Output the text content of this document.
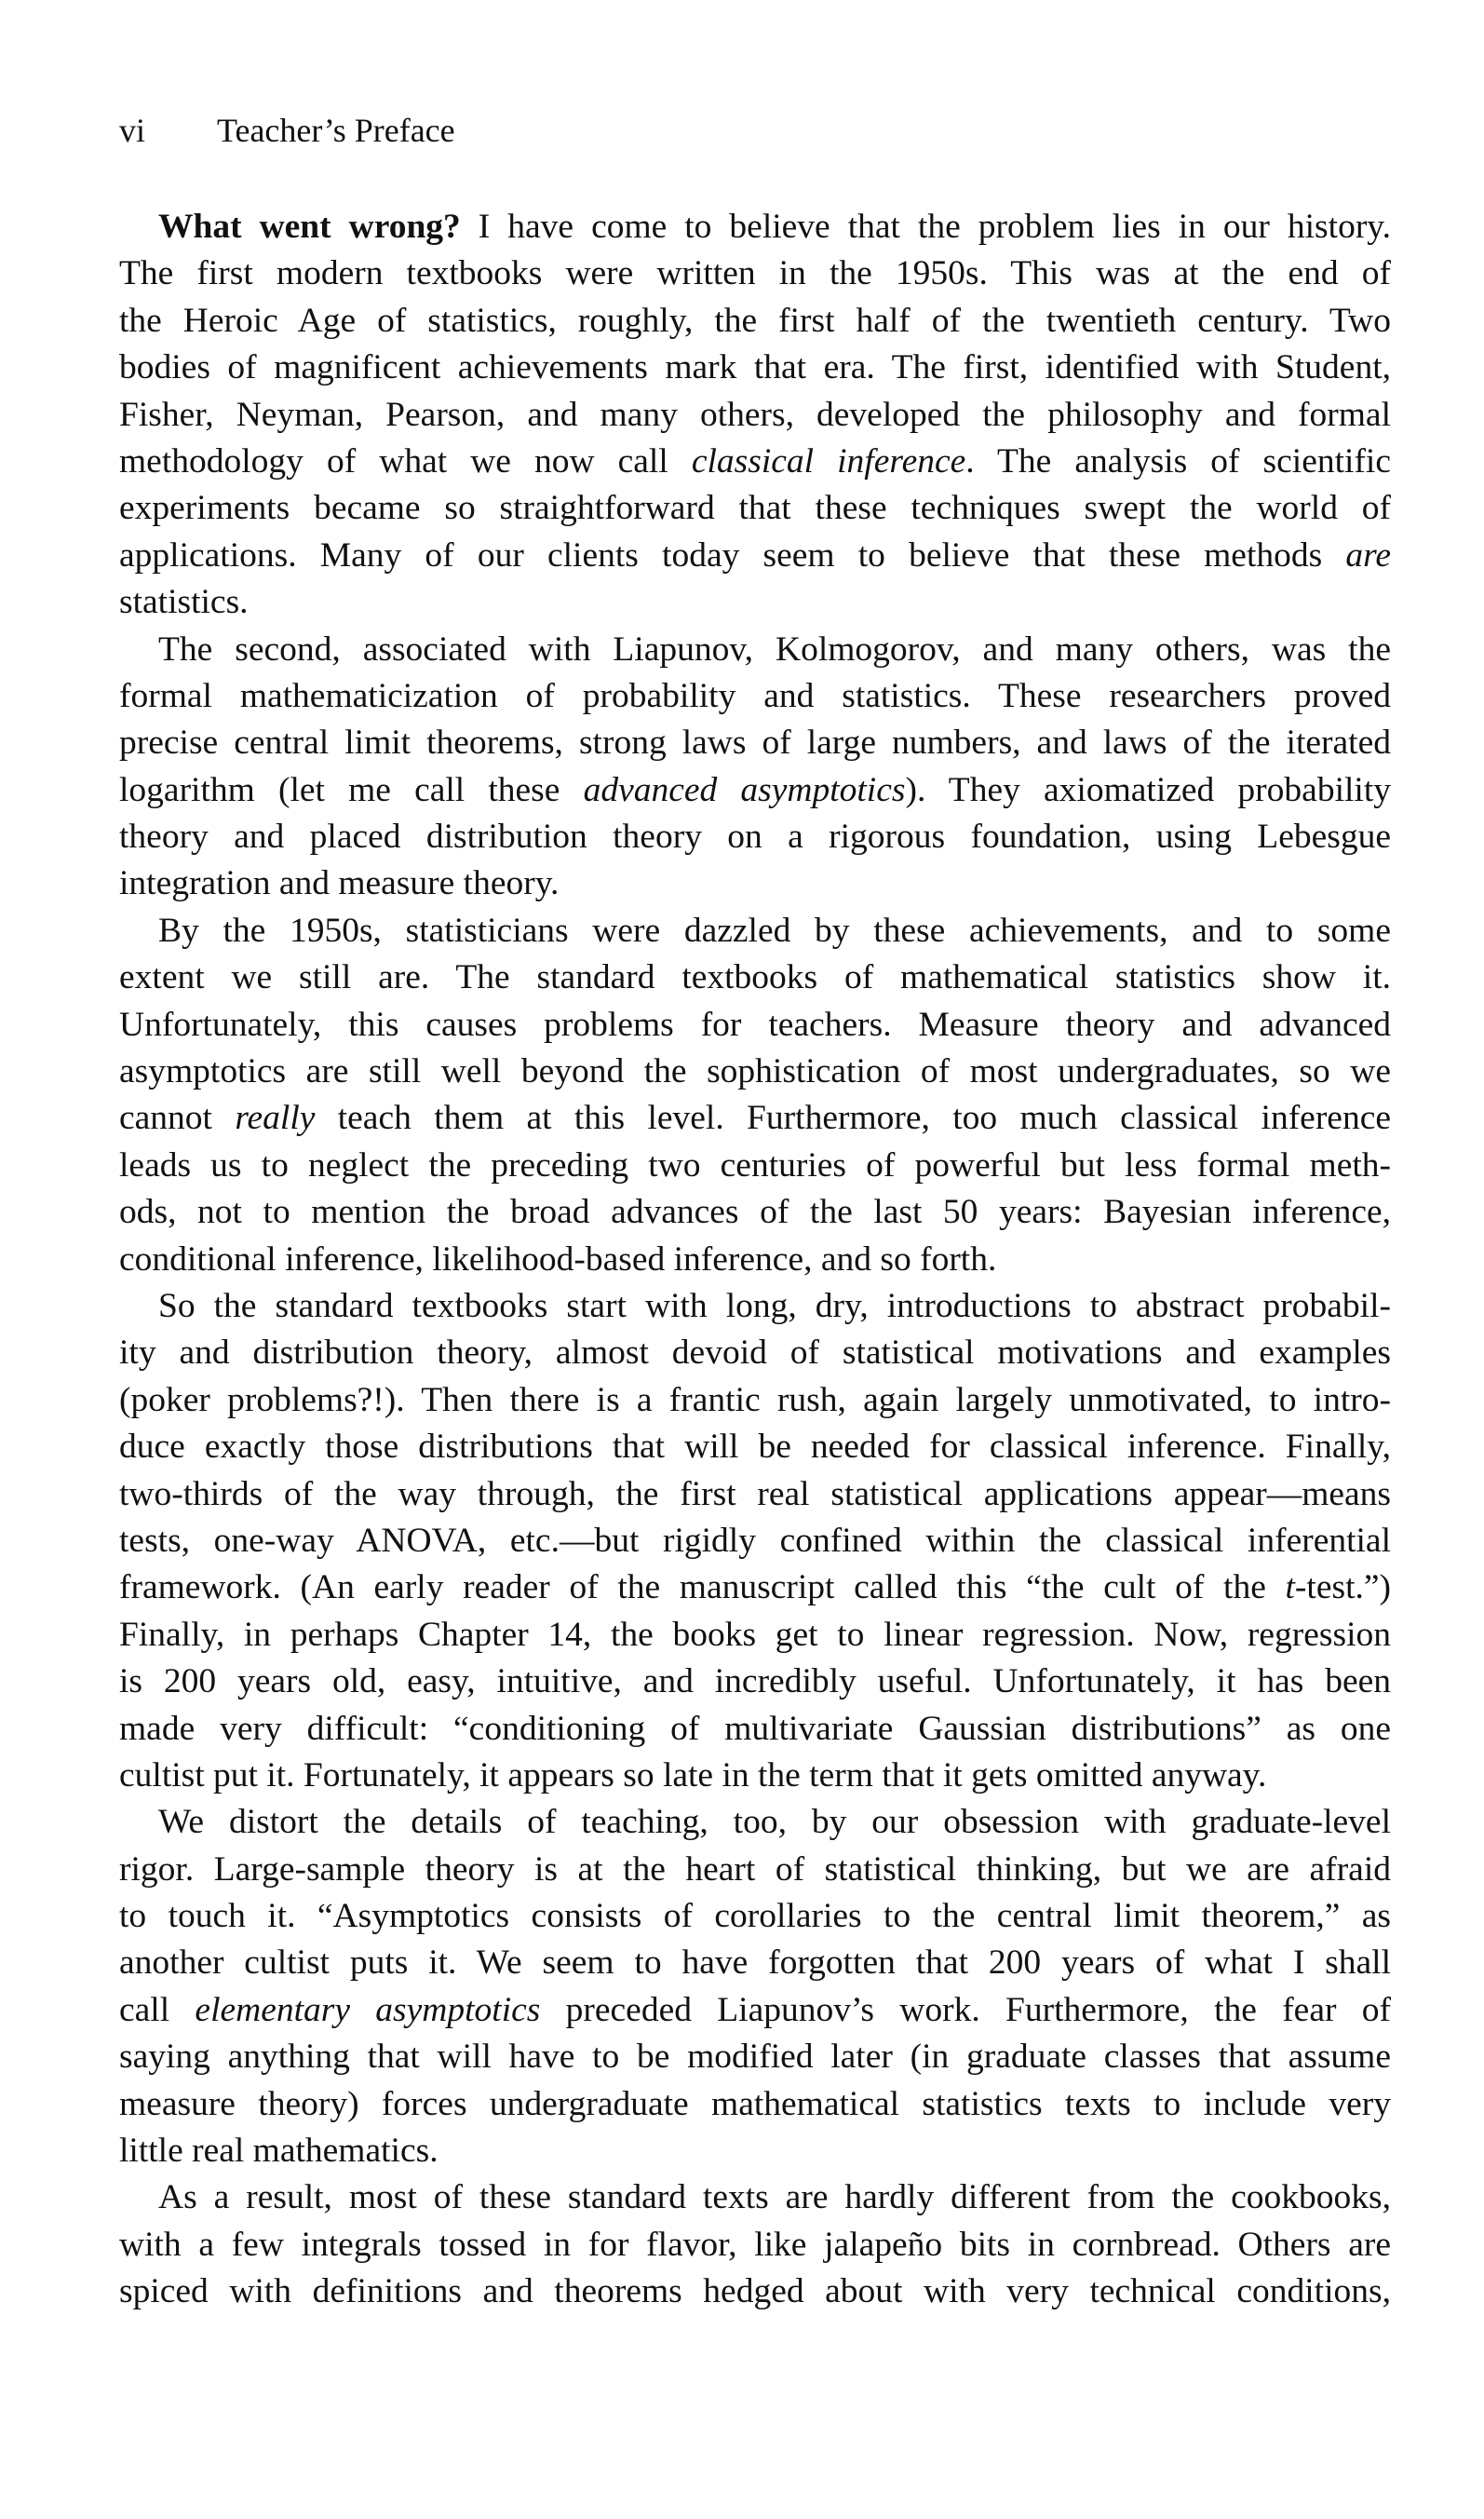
vi Teacher’s Preface
What went wrong? I have come to believe that the problem lies in our history.
The first modern textbooks were written in the 1950s. This was at the end of
the Heroic Age of statistics, roughly, the first half of the twentieth century. Two
bodies of magnificent achievements mark that era. The first, identified with Student,
Fisher, Neyman, Pearson, and many others, developed the philosophy and formal
methodology of what we now call classical inference. The analysis of scientific
experiments became so straightforward that these techniques swept the world of
applications. Many of our clients today seem to believe that these methods are
statistics.
The second, associated with Liapunov, Kolmogorov, and many others, was the
formal mathematicization of probability and statistics. These researchers proved
precise central limit theorems, strong laws of large numbers, and laws of the iterated
logarithm (let me call these advanced asymptotics). They axiomatized probability
theory and placed distribution theory on a rigorous foundation, using Lebesgue
integration and measure theory.
By the 1950s, statisticians were dazzled by these achievements, and to some
extent we still are. The standard textbooks of mathematical statistics show it.
Unfortunately, this causes problems for teachers. Measure theory and advanced
asymptotics are still well beyond the sophistication of most undergraduates, so we
cannot really teach them at this level. Furthermore, too much classical inference
leads us to neglect the preceding two centuries of powerful but less formal meth-
ods, not to mention the broad advances of the last 50 years: Bayesian inference,
conditional inference, likelihood-based inference, and so forth.
So the standard textbooks start with long, dry, introductions to abstract probabil-
ity and distribution theory, almost devoid of statistical motivations and examples
(poker problems?!). Then there is a frantic rush, again largely unmotivated, to intro-
duce exactly those distributions that will be needed for classical inference. Finally,
two-thirds of the way through, the first real statistical applications appear—means
tests, one-way ANOVA, etc.—but rigidly confined within the classical inferential
framework. (An early reader of the manuscript called this “the cult of the t-test.”)
Finally, in perhaps Chapter 14, the books get to linear regression. Now, regression
is 200 years old, easy, intuitive, and incredibly useful. Unfortunately, it has been
made very difficult: “conditioning of multivariate Gaussian distributions” as one
cultist put it. Fortunately, it appears so late in the term that it gets omitted anyway.
We distort the details of teaching, too, by our obsession with graduate-level
rigor. Large-sample theory is at the heart of statistical thinking, but we are afraid
to touch it. “Asymptotics consists of corollaries to the central limit theorem,” as
another cultist puts it. We seem to have forgotten that 200 years of what I shall
call elementary asymptotics preceded Liapunov’s work. Furthermore, the fear of
saying anything that will have to be modified later (in graduate classes that assume
measure theory) forces undergraduate mathematical statistics texts to include very
little real mathematics.
As a result, most of these standard texts are hardly different from the cookbooks,
with a few integrals tossed in for flavor, like jalapeño bits in cornbread. Others are
spiced with definitions and theorems hedged about with very technical conditions,
